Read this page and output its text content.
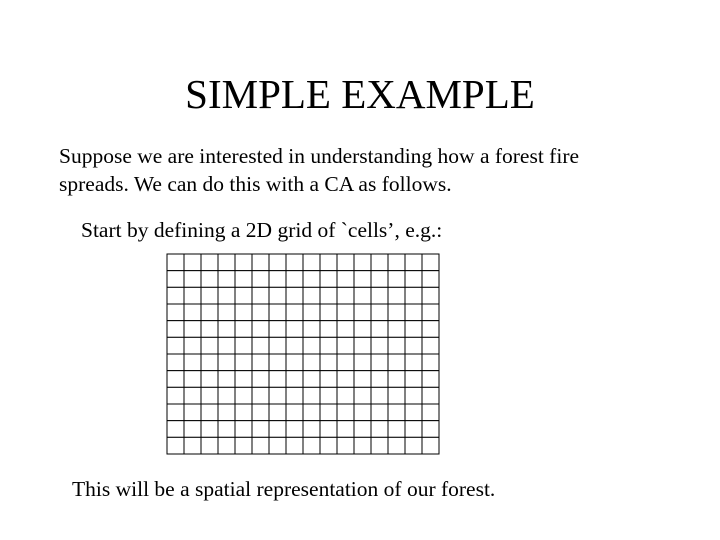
SIMPLE EXAMPLE
Suppose we are interested in understanding how a forest fire
spreads. We can do this with a CA as follows.
Start by defining a 2D grid of `cells’, e.g.:
This will be a spatial representation of our forest.
